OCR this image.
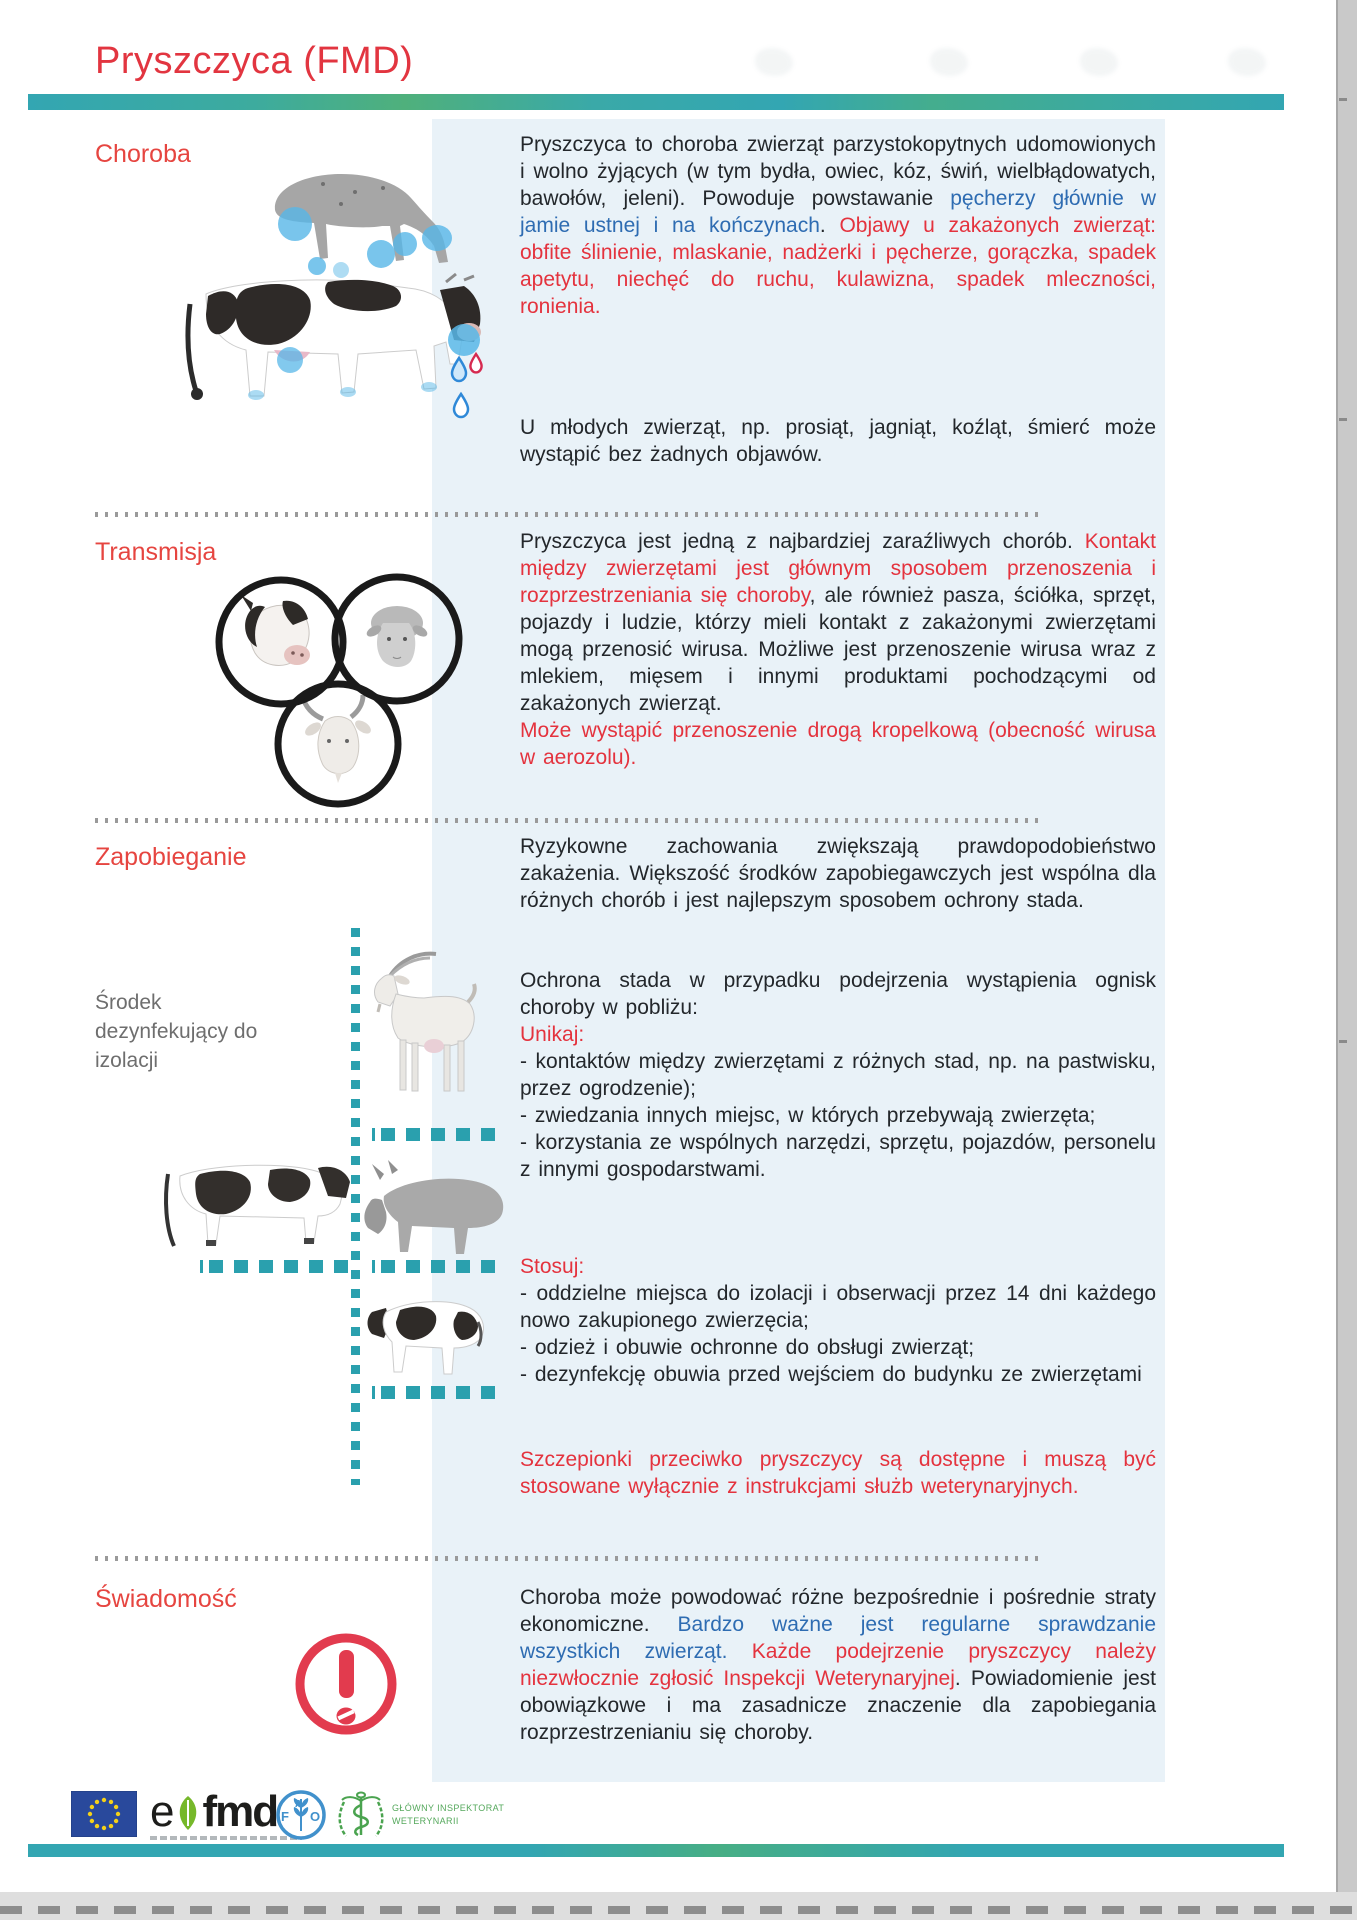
Pryszczyca (FMD)
Choroba
Transmisja
Zapobieganie
Środek dezynfekujący do izolacji
Świadomość
Pryszczyca to choroba zwierząt parzystokopytnych udomowionych i wolno żyjących (w tym bydła, owiec, kóz, świń, wielbłądowatych, bawołów, jeleni). Powoduje powstawanie pęcherzy głównie w jamie ustnej i na kończynach. Objawy u zakażonych zwierząt: obfite ślinienie, mlaskanie, nadżerki i pęcherze, gorączka, spadek apetytu, niechęć do ruchu, kulawizna, spadek mleczności, ronienia.
U młodych zwierząt, np. prosiąt, jagniąt, koźląt, śmierć może wystąpić bez żadnych objawów.
Pryszczyca jest jedną z najbardziej zaraźliwych chorób. Kontakt między zwierzętami jest głównym sposobem przenoszenia i rozprzestrzeniania się choroby, ale również pasza, ściółka, sprzęt, pojazdy i ludzie, którzy mieli kontakt z zakażonymi zwierzętami mogą przenosić wirusa. Możliwe jest przenoszenie wirusa wraz z mlekiem, mięsem i innymi produktami pochodzącymi od zakażonych zwierząt.
Może wystąpić przenoszenie drogą kropelkową (obecność wirusa w aerozolu).
Ryzykowne zachowania zwiększają prawdopodobieństwo zakażenia. Większość środków zapobiegawczych jest wspólna dla różnych chorób i jest najlepszym sposobem ochrony stada.
Ochrona stada w przypadku podejrzenia wystąpienia ognisk choroby w pobliżu:
Unikaj:
- kontaktów między zwierzętami z różnych stad, np. na pastwisku, przez ogrodzenie);
- zwiedzania innych miejsc, w których przebywają zwierzęta;
- korzystania ze wspólnych narzędzi, sprzętu, pojazdów, personelu z innymi gospodarstwami.
Stosuj:
- oddzielne miejsca do izolacji i obserwacji przez 14 dni każdego nowo zakupionego zwierzęcia;
- odzież i obuwie ochronne do obsługi zwierząt;
- dezynfekcję obuwia przed wejściem do budynku ze zwierzętami
Szczepionki przeciwko pryszczycy są dostępne i muszą być stosowane wyłącznie z instrukcjami służb weterynaryjnych.
Choroba może powodować różne bezpośrednie i pośrednie straty ekonomiczne. Bardzo ważne jest regularne sprawdzanie wszystkich zwierząt. Każde podejrzenie pryszczycy należy niezwłocznie zgłosić Inspekcji Weterynaryjnej. Powiadomienie jest obowiązkowe i ma zasadnicze znaczenie dla zapobiegania rozprzestrzenianiu się choroby.
e fmd F
A
O
GŁÓWNY INSPEKTORAT
WETERYNARII
